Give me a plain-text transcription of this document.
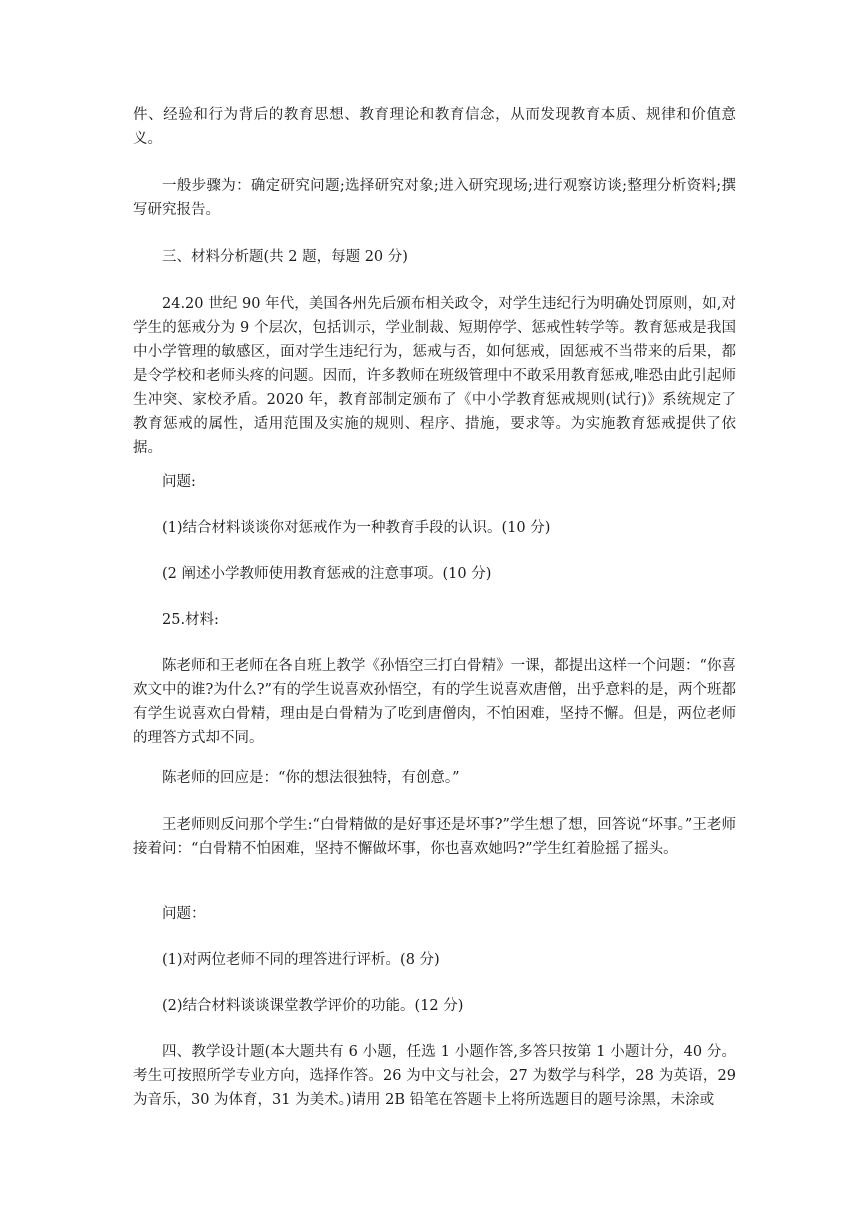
件、经验和行为背后的教育思想、教育理论和教育信念，从而发现教育本质、规律和价值意义。

一般步骤为：确定研究问题;选择研究对象;进入研究现场;进行观察访谈;整理分析资料;撰写研究报告。

三、材料分析题(共 2 题，每题 20 分)

24.20 世纪 90 年代，美国各州先后颁布相关政令，对学生违纪行为明确处罚原则，如,对学生的惩戒分为 9 个层次，包括训示，学业制裁、短期停学、惩戒性转学等。教育惩戒是我国中小学管理的敏感区，面对学生违纪行为，惩戒与否，如何惩戒，固惩戒不当带来的后果，都是令学校和老师头疼的问题。因而，许多教师在班级管理中不敢采用教育惩戒,唯恐由此引起师生冲突、家校矛盾。2020 年，教育部制定颁布了《中小学教育惩戒规则(试行)》系统规定了教育惩戒的属性，适用范围及实施的规则、程序、措施，要求等。为实施教育惩戒提供了依据。

问题:

(1)结合材料谈谈你对惩戒作为一种教育手段的认识。(10 分)

(2 阐述小学教师使用教育惩戒的注意事项。(10 分)

25.材料:

陈老师和王老师在各自班上教学《孙悟空三打白骨精》一课，都提出这样一个问题：“你喜欢文中的谁?为什么?”有的学生说喜欢孙悟空，有的学生说喜欢唐僧，出乎意料的是，两个班都有学生说喜欢白骨精，理由是白骨精为了吃到唐僧肉，不怕困难，坚持不懈。但是，两位老师的理答方式却不同。

陈老师的回应是：“你的想法很独特，有创意。”

王老师则反问那个学生:“白骨精做的是好事还是坏事?”学生想了想，回答说“坏事。”王老师接着问：“白骨精不怕困难，坚持不懈做坏事，你也喜欢她吗?”学生红着脸摇了摇头。

问题：

(1)对两位老师不同的理答进行评析。(8 分)

(2)结合材料谈谈课堂教学评价的功能。(12 分)

四、教学设计题(本大题共有 6 小题，任选 1 小题作答,多答只按第 1 小题计分，40 分。考生可按照所学专业方向，选择作答。26 为中文与社会，27 为数学与科学，28 为英语，29 为音乐，30 为体育，31 为美术。)请用 2B 铅笔在答题卡上将所选题目的题号涂黑，未涂或
